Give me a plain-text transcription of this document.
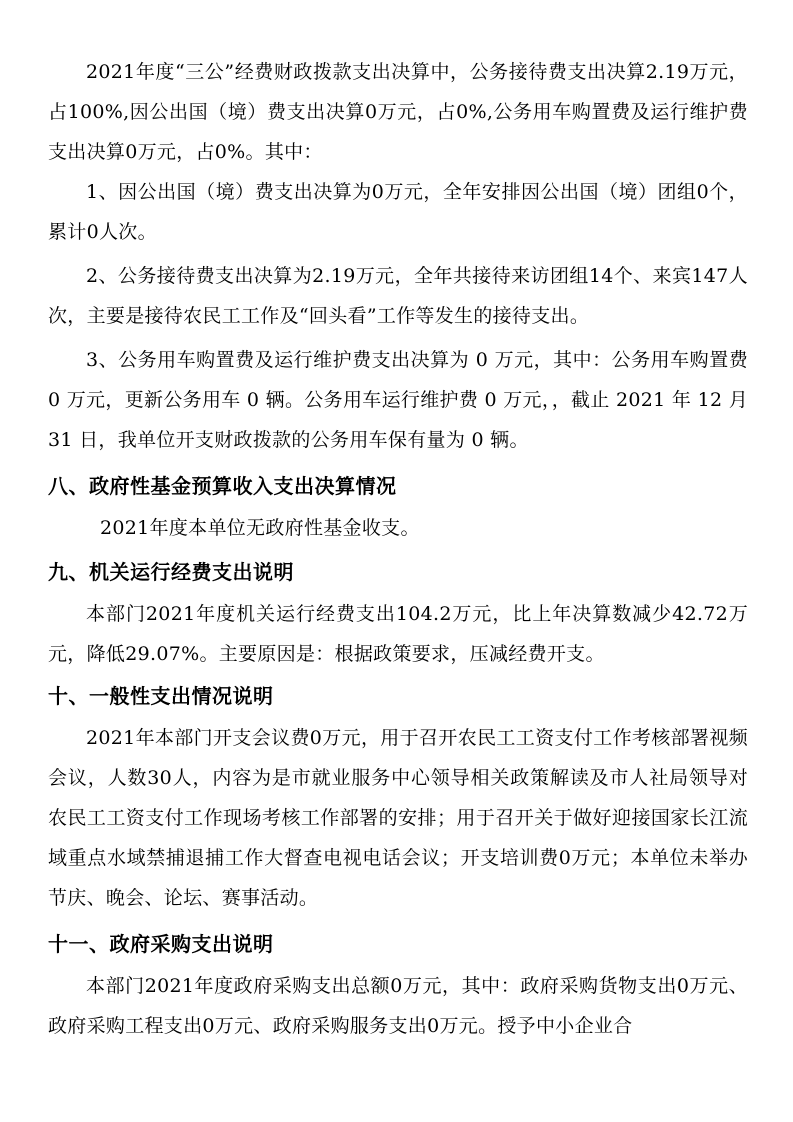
2021年度“三公”经费财政拨款支出决算中，公务接待费支出决算2.19万元，占100%,因公出国（境）费支出决算0万元，占0%,公务用车购置费及运行维护费支出决算0万元，占0%。其中：

1、因公出国（境）费支出决算为0万元，全年安排因公出国（境）团组0个，累计0人次。

2、公务接待费支出决算为2.19万元，全年共接待来访团组14个、来宾147人次，主要是接待农民工工作及“回头看”工作等发生的接待支出。

3、公务用车购置费及运行维护费支出决算为 0 万元，其中：公务用车购置费 0 万元，更新公务用车 0 辆。公务用车运行维护费 0 万元，，截止 2021 年 12 月 31 日，我单位开支财政拨款的公务用车保有量为 0 辆。

八、政府性基金预算收入支出决算情况

2021年度本单位无政府性基金收支。

九、机关运行经费支出说明

本部门2021年度机关运行经费支出104.2万元，比上年决算数减少42.72万元，降低29.07%。主要原因是：根据政策要求，压减经费开支。

十、一般性支出情况说明

2021年本部门开支会议费0万元，用于召开农民工工资支付工作考核部署视频会议，人数30人，内容为是市就业服务中心领导相关政策解读及市人社局领导对农民工工资支付工作现场考核工作部署的安排；用于召开关于做好迎接国家长江流域重点水域禁捕退捕工作大督查电视电话会议；开支培训费0万元；本单位未举办节庆、晚会、论坛、赛事活动。

十一、政府采购支出说明

本部门2021年度政府采购支出总额0万元，其中：政府采购货物支出0万元、政府采购工程支出0万元、政府采购服务支出0万元。授予中小企业合
